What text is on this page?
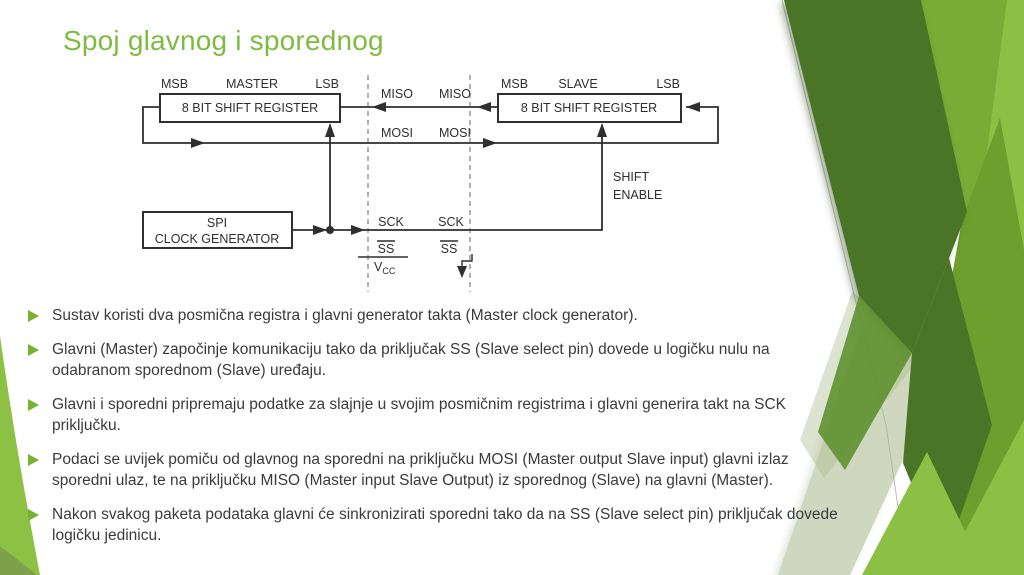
MSB	MASTER	LSB
8 BIT SHIFT REGISTER
MSB SLAVE	LSB
8 BIT SHIFT REGISTER
SPI
CLOCK GENERATOR
MISO MISO
MOSI MOSI
SCK	SCK
SS	SS
$V_{CC}$
SHIFT
ENABLE
Spoj glavnog i sporednog
Sustav koristi dva posmična registra i glavni generator takta (Master clock generator).
Glavni (Master) započinje komunikaciju tako da priključak SS (Slave select pin) dovede u logičku nulu na odabranom sporednom (Slave) uređaju.
Glavni i sporedni pripremaju podatke za slajnje u svojim posmičnim registrima i glavni generira takt na SCK priključku.
Podaci se uvijek pomiču od glavnog na sporedni na priključku MOSI (Master output Slave input) glavni izlaz sporedni ulaz, te na priključku MISO (Master input Slave Output) iz sporednog (Slave) na glavni (Master).
Nakon svakog paketa podataka glavni će sinkronizirati sporedni tako da na SS (Slave select pin) priključak dovede logičku jedinicu.
